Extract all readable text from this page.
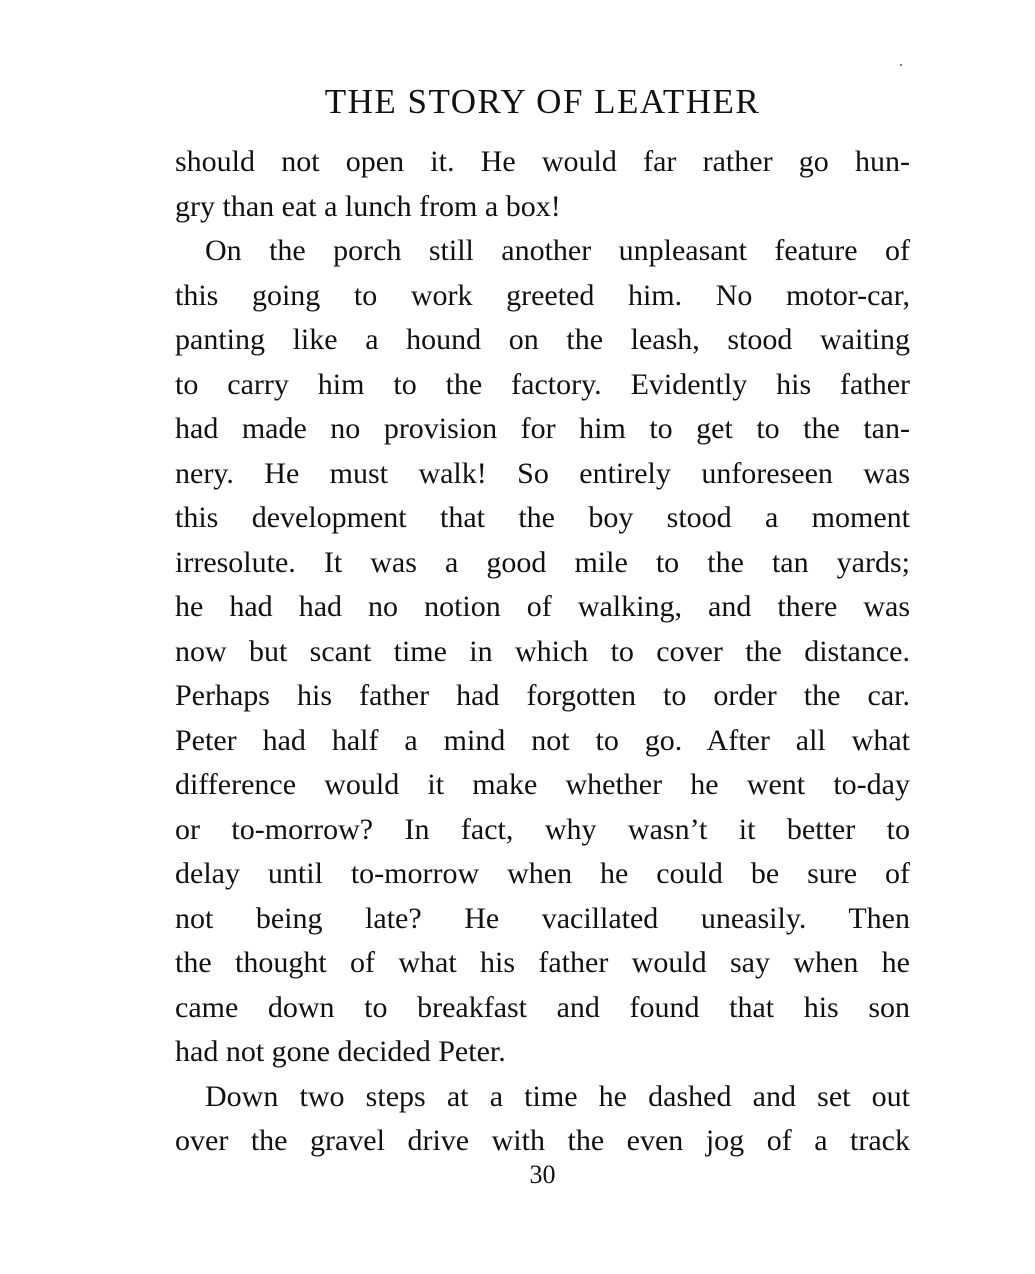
THE STORY OF LEATHER
should not open it. He would far rather go hun-
gry than eat a lunch from a box!
On the porch still another unpleasant feature of
this going to work greeted him. No motor-car,
panting like a hound on the leash, stood waiting
to carry him to the factory. Evidently his father
had made no provision for him to get to the tan-
nery. He must walk! So entirely unforeseen was
this development that the boy stood a moment
irresolute. It was a good mile to the tan yards;
he had had no notion of walking, and there was
now but scant time in which to cover the distance.
Perhaps his father had forgotten to order the car.
Peter had half a mind not to go. After all what
difference would it make whether he went to-day
or to-morrow? In fact, why wasn’t it better to
delay until to-morrow when he could be sure of
not being late? He vacillated uneasily. Then
the thought of what his father would say when he
came down to breakfast and found that his son
had not gone decided Peter.
Down two steps at a time he dashed and set out
over the gravel drive with the even jog of a track
30
